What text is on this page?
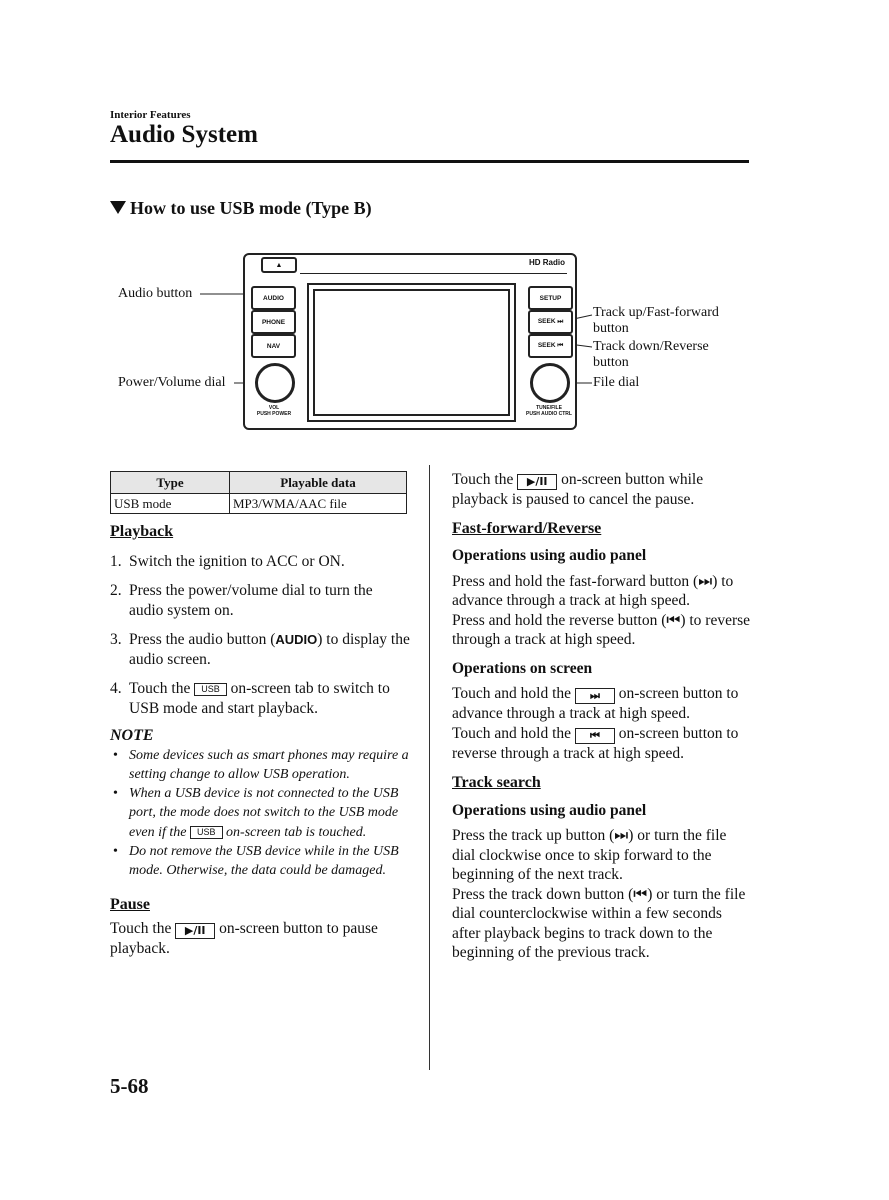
Interior Features
Audio System
How to use USB mode (Type B)
Audio button
Power/Volume dial
Track up/Fast-forward
button
Track down/Reverse
button
File dial
▲	HD Radio
AUDIO
PHONE
NAV
SETUP
SEEK ⏭
SEEK ⏮
VOL
PUSH POWER
TUNE/FILE
PUSH AUDIO CTRL
Type	Playable data
USB mode	MP3/WMA/AAC file

Playback

1. Switch the ignition to ACC or ON.
2. Press the power/volume dial to turn the audio system on.
3. Press the audio button (AUDIO) to display the audio screen.
4. Touch the USB on-screen tab to switch to USB mode and start playback.
NOTE
• Some devices such as smart phones may require a setting change to allow USB operation.
• When a USB device is not connected to the USB port, the mode does not switch to the USB mode even if the USB on-screen tab is touched.
• Do not remove the USB device while in the USB mode. Otherwise, the data could be damaged.

Pause

Touch the ▶/II on-screen button to pause playback.

Touch the ▶/II on-screen button while playback is paused to cancel the pause.

Fast-forward/Reverse

Operations using audio panel

Press and hold the fast-forward button (⏭) to advance through a track at high speed.
Press and hold the reverse button (⏮) to reverse through a track at high speed.

Operations on screen

Touch and hold the ⏭ on-screen button to advance through a track at high speed.
Touch and hold the ⏮ on-screen button to reverse through a track at high speed.

Track search

Operations using audio panel

Press the track up button (⏭) or turn the file dial clockwise once to skip forward to the beginning of the next track.
Press the track down button (⏮) or turn the file dial counterclockwise within a few seconds after playback begins to track down to the beginning of the previous track.

5-68
